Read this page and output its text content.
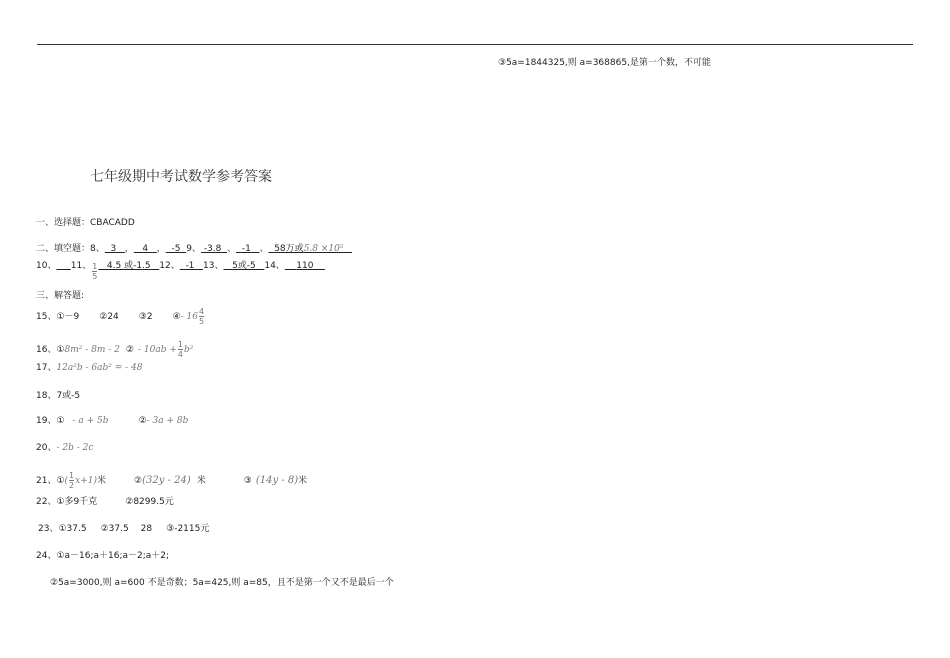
③5a=1844325,则 a=368865,是第一个数，不可能
七年级期中考试数学参考答案
一、选择题：CBACADD
二、填空题：8、 3 ， 4 ， -5 9、 -3.8 、 -1 、 58万或5.8 ×10⁵
10、 11、 $\frac{1}{5} 4.5$ 或-1.5 12、 -1 13、 5或-5 14、 110
三、解答题:
15、①－9 ②24 ③2 ④- $16 \frac{4}{5}$
16、①8m² - 8m - 2 ② - $10ab + \frac{1}{4} b^2$
17、12a²b - 6ab² = - 48
18、7或-5
19、① - a + 5b	②- 3a + 8b
20、- 2b - 2c
21、①( $\frac{1}{2} x+1$)米	②(32y - 24) 米	③ (14y - 8)米
22、①多9千克	②8299.5元
23、①37.5 ②37.5 28 ③-2115元
24、①a－16;a＋16;a－2;a＋2;
②5a=3000,则 a=600 不是奇数；5a=425,则 a=85，且不是第一个又不是最后一个
